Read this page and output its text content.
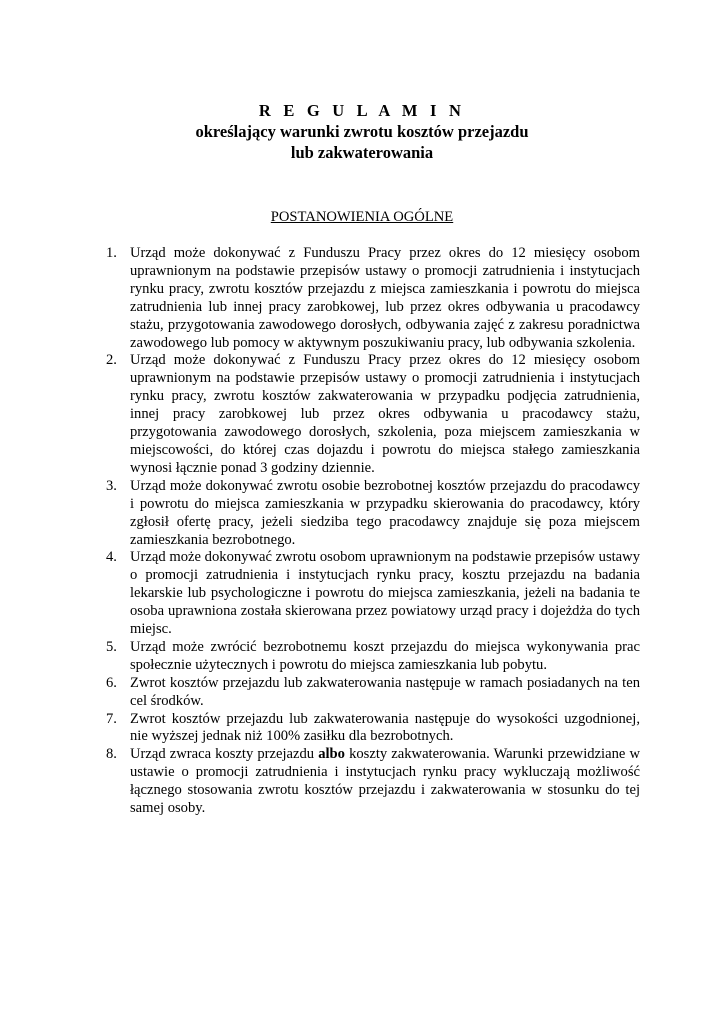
R E G U L A M I N
określający warunki zwrotu kosztów przejazdu
lub zakwaterowania
POSTANOWIENIA OGÓLNE
1. Urząd może dokonywać z Funduszu Pracy przez okres do 12 miesięcy osobom uprawnionym na podstawie przepisów ustawy o promocji zatrudnienia i instytucjach rynku pracy, zwrotu kosztów przejazdu z miejsca zamieszkania i powrotu do miejsca zatrudnienia lub innej pracy zarobkowej, lub przez okres odbywania u pracodawcy stażu, przygotowania zawodowego dorosłych, odbywania zajęć z zakresu poradnictwa zawodowego lub pomocy w aktywnym poszukiwaniu pracy, lub odbywania szkolenia.
2. Urząd może dokonywać z Funduszu Pracy przez okres do 12 miesięcy osobom uprawnionym na podstawie przepisów ustawy o promocji zatrudnienia i instytucjach rynku pracy, zwrotu kosztów zakwaterowania w przypadku podjęcia zatrudnienia, innej pracy zarobkowej lub przez okres odbywania u pracodawcy stażu, przygotowania zawodowego dorosłych, szkolenia, poza miejscem zamieszkania w miejscowości, do której czas dojazdu i powrotu do miejsca stałego zamieszkania wynosi łącznie ponad 3 godziny dziennie.
3. Urząd może dokonywać zwrotu osobie bezrobotnej kosztów przejazdu do pracodawcy i powrotu do miejsca zamieszkania w przypadku skierowania do pracodawcy, który zgłosił ofertę pracy, jeżeli siedziba tego pracodawcy znajduje się poza miejscem zamieszkania bezrobotnego.
4. Urząd może dokonywać zwrotu osobom uprawnionym na podstawie przepisów ustawy o promocji zatrudnienia i instytucjach rynku pracy, kosztu przejazdu na badania lekarskie lub psychologiczne i powrotu do miejsca zamieszkania, jeżeli na badania te osoba uprawniona została skierowana przez powiatowy urząd pracy i dojeżdża do tych miejsc.
5. Urząd może zwrócić bezrobotnemu koszt przejazdu do miejsca wykonywania prac społecznie użytecznych i powrotu do miejsca zamieszkania lub pobytu.
6. Zwrot kosztów przejazdu lub zakwaterowania następuje w ramach posiadanych na ten cel środków.
7. Zwrot kosztów przejazdu lub zakwaterowania następuje do wysokości uzgodnionej, nie wyższej jednak niż 100% zasiłku dla bezrobotnych.
8. Urząd zwraca koszty przejazdu albo koszty zakwaterowania. Warunki przewidziane w ustawie o promocji zatrudnienia i instytucjach rynku pracy wykluczają możliwość łącznego stosowania zwrotu kosztów przejazdu i zakwaterowania w stosunku do tej samej osoby.
